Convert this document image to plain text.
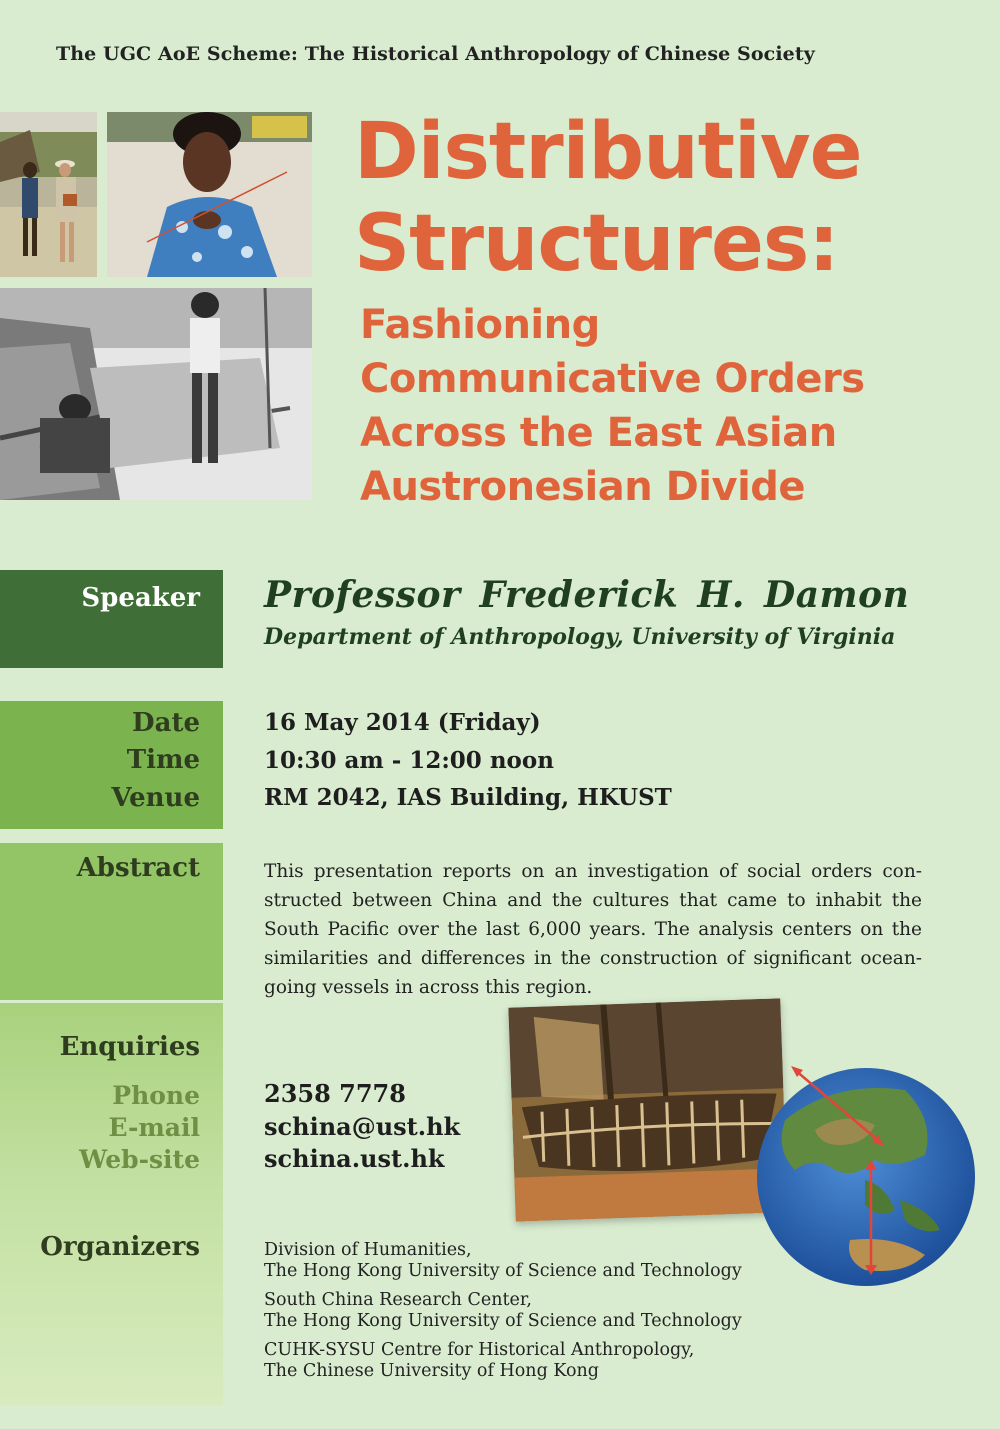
The UGC AoE Scheme: The Historical Anthropology of Chinese Society
Distributive
Structures:
Fashioning
Communicative Orders
Across the East Asian
Austronesian Divide
Speaker Professor Frederick H. Damon
Department of Anthropology, University of Virginia
Date
Time
Venue
16 May 2014 (Friday)
10:30 am - 12:00 noon
RM 2042, IAS Building, HKUST
Abstract	This presentation reports on an investigation of social orders con-structed between China and the cultures that came to inhabit the South Pacific over the last 6,000 years. The analysis centers on the similarities and differences in the construction of significant ocean-going vessels in across this region.
Enquiries
Phone
E-mail
Web-site
2358 7778
schina@ust.hk
schina.ust.hk
Organizers	Division of Humanities,
The Hong Kong University of Science and Technology
South China Research Center,
The Hong Kong University of Science and Technology
CUHK-SYSU Centre for Historical Anthropology,
The Chinese University of Hong Kong
